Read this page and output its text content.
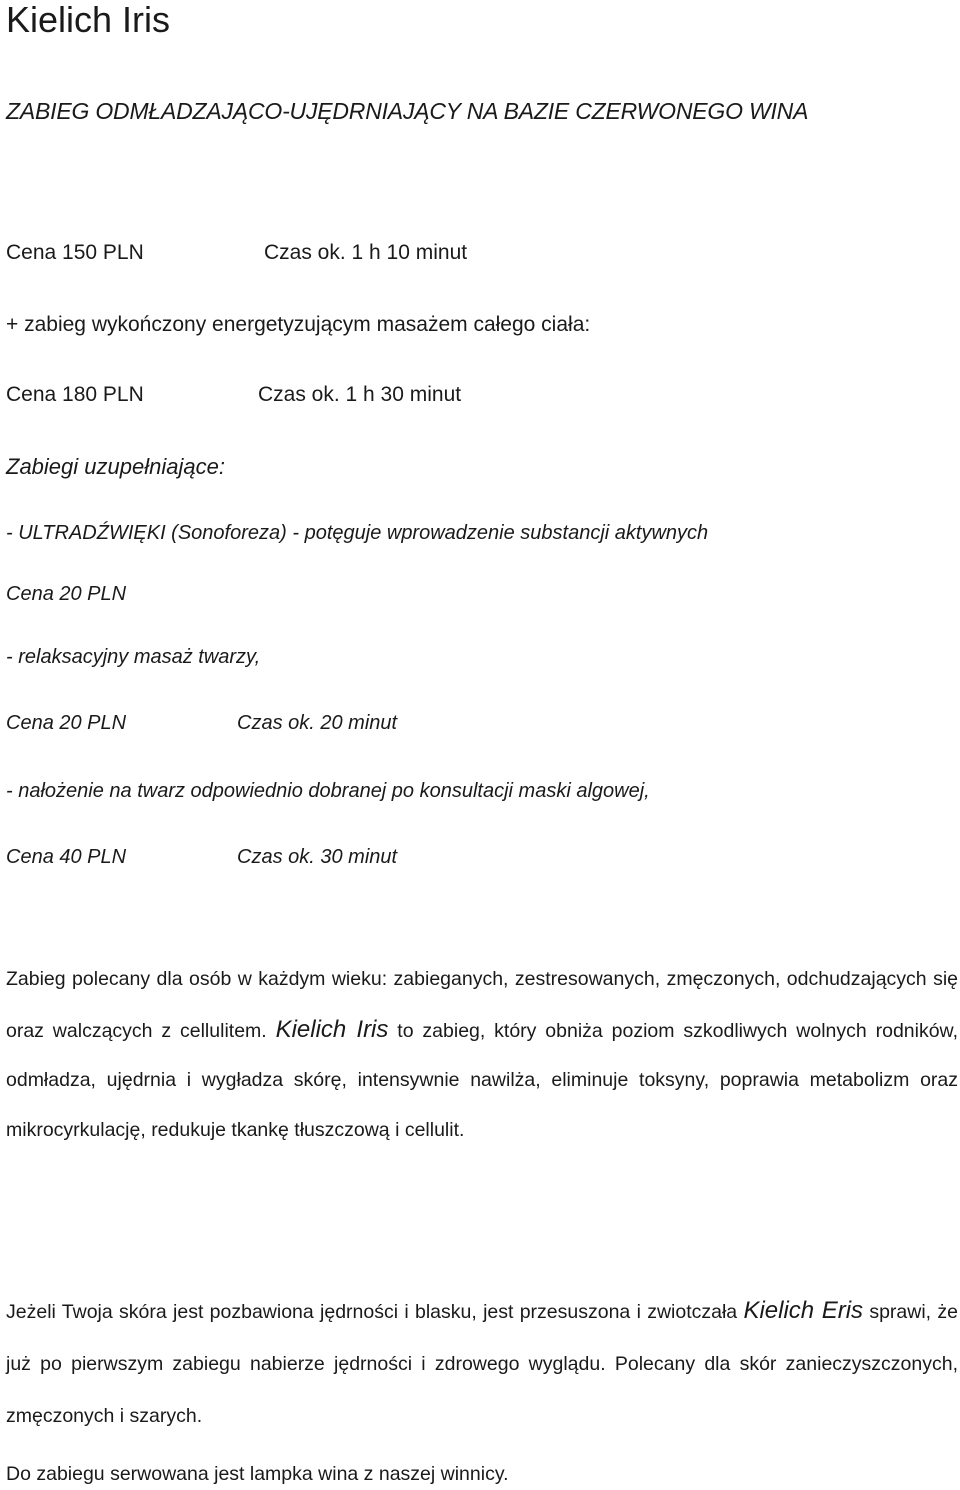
Kielich Iris
ZABIEG ODMŁADZAJĄCO-UJĘDRNIAJĄCY NA BAZIE CZERWONEGO WINA
Cena 150 PLN	Czas ok. 1 h 10 minut
+ zabieg wykończony energetyzującym masażem całego ciała:
Cena 180 PLN	Czas ok. 1 h 30 minut
Zabiegi uzupełniające:
- ULTRADŹWIĘKI (Sonoforeza) - potęguje wprowadzenie substancji aktywnych
Cena 20 PLN
- relaksacyjny masaż twarzy,
Cena 20 PLN	Czas ok. 20 minut
- nałożenie na twarz odpowiednio dobranej po konsultacji maski algowej,
Cena 40 PLN	Czas ok. 30 minut

Zabieg polecany dla osób w każdym wieku: zabieganych, zestresowanych, zmęczonych, odchudzających się oraz walczących z cellulitem. Kielich Iris to zabieg, który obniża poziom szkodliwych wolnych rodników, odmładza, ujędrnia i wygładza skórę, intensywnie nawilża, eliminuje toksyny, poprawia metabolizm oraz mikrocyrkulację, redukuje tkankę tłuszczową i cellulit.

Jeżeli Twoja skóra jest pozbawiona jędrności i blasku, jest przesuszona i zwiotczała Kielich Eris sprawi, że już po pierwszym zabiegu nabierze jędrności i zdrowego wyglądu. Polecany dla skór zanieczyszczonych, zmęczonych i szarych.

Do zabiegu serwowana jest lampka wina z naszej winnicy.
